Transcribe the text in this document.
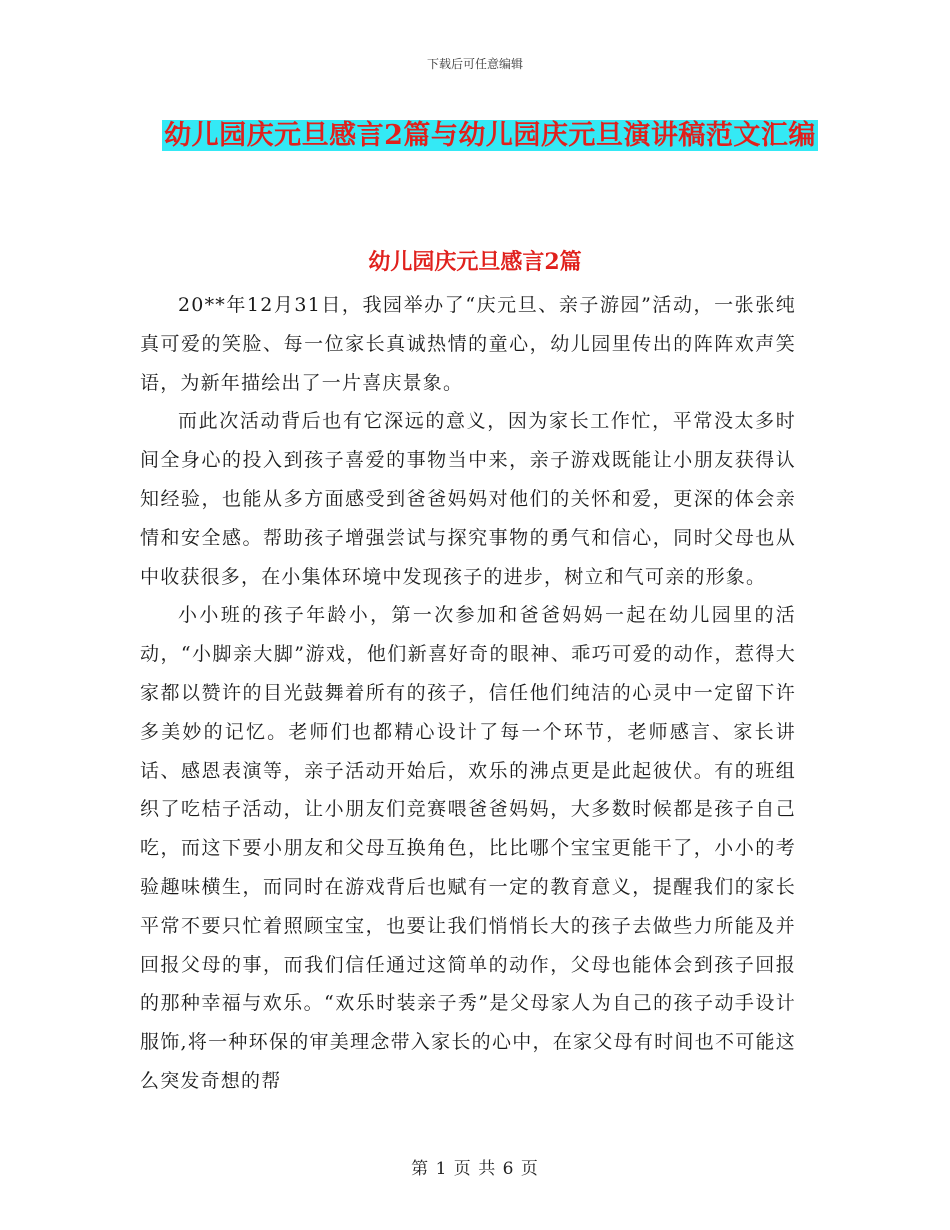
下载后可任意编辑
幼儿园庆元旦感言2篇与幼儿园庆元旦演讲稿范文汇编
幼儿园庆元旦感言2篇

20**年12月31日，我园举办了“庆元旦、亲子游园”活动，一张张纯真可爱的笑脸、每一位家长真诚热情的童心，幼儿园里传出的阵阵欢声笑语，为新年描绘出了一片喜庆景象。

而此次活动背后也有它深远的意义，因为家长工作忙，平常没太多时间全身心的投入到孩子喜爱的事物当中来，亲子游戏既能让小朋友获得认知经验，也能从多方面感受到爸爸妈妈对他们的关怀和爱，更深的体会亲情和安全感。帮助孩子增强尝试与探究事物的勇气和信心，同时父母也从中收获很多，在小集体环境中发现孩子的进步，树立和气可亲的形象。

小小班的孩子年龄小，第一次参加和爸爸妈妈一起在幼儿园里的活动，“小脚亲大脚”游戏，他们新喜好奇的眼神、乖巧可爱的动作，惹得大家都以赞许的目光鼓舞着所有的孩子，信任他们纯洁的心灵中一定留下许多美妙的记忆。老师们也都精心设计了每一个环节，老师感言、家长讲话、感恩表演等，亲子活动开始后，欢乐的沸点更是此起彼伏。有的班组织了吃桔子活动，让小朋友们竞赛喂爸爸妈妈，大多数时候都是孩子自己吃，而这下要小朋友和父母互换角色，比比哪个宝宝更能干了，小小的考验趣味横生，而同时在游戏背后也赋有一定的教育意义，提醒我们的家长平常不要只忙着照顾宝宝，也要让我们悄悄长大的孩子去做些力所能及并回报父母的事，而我们信任通过这简单的动作，父母也能体会到孩子回报的那种幸福与欢乐。“欢乐时装亲子秀”是父母家人为自己的孩子动手设计服饰,将一种环保的审美理念带入家长的心中，在家父母有时间也不可能这么突发奇想的帮

第 1 页 共 6 页
